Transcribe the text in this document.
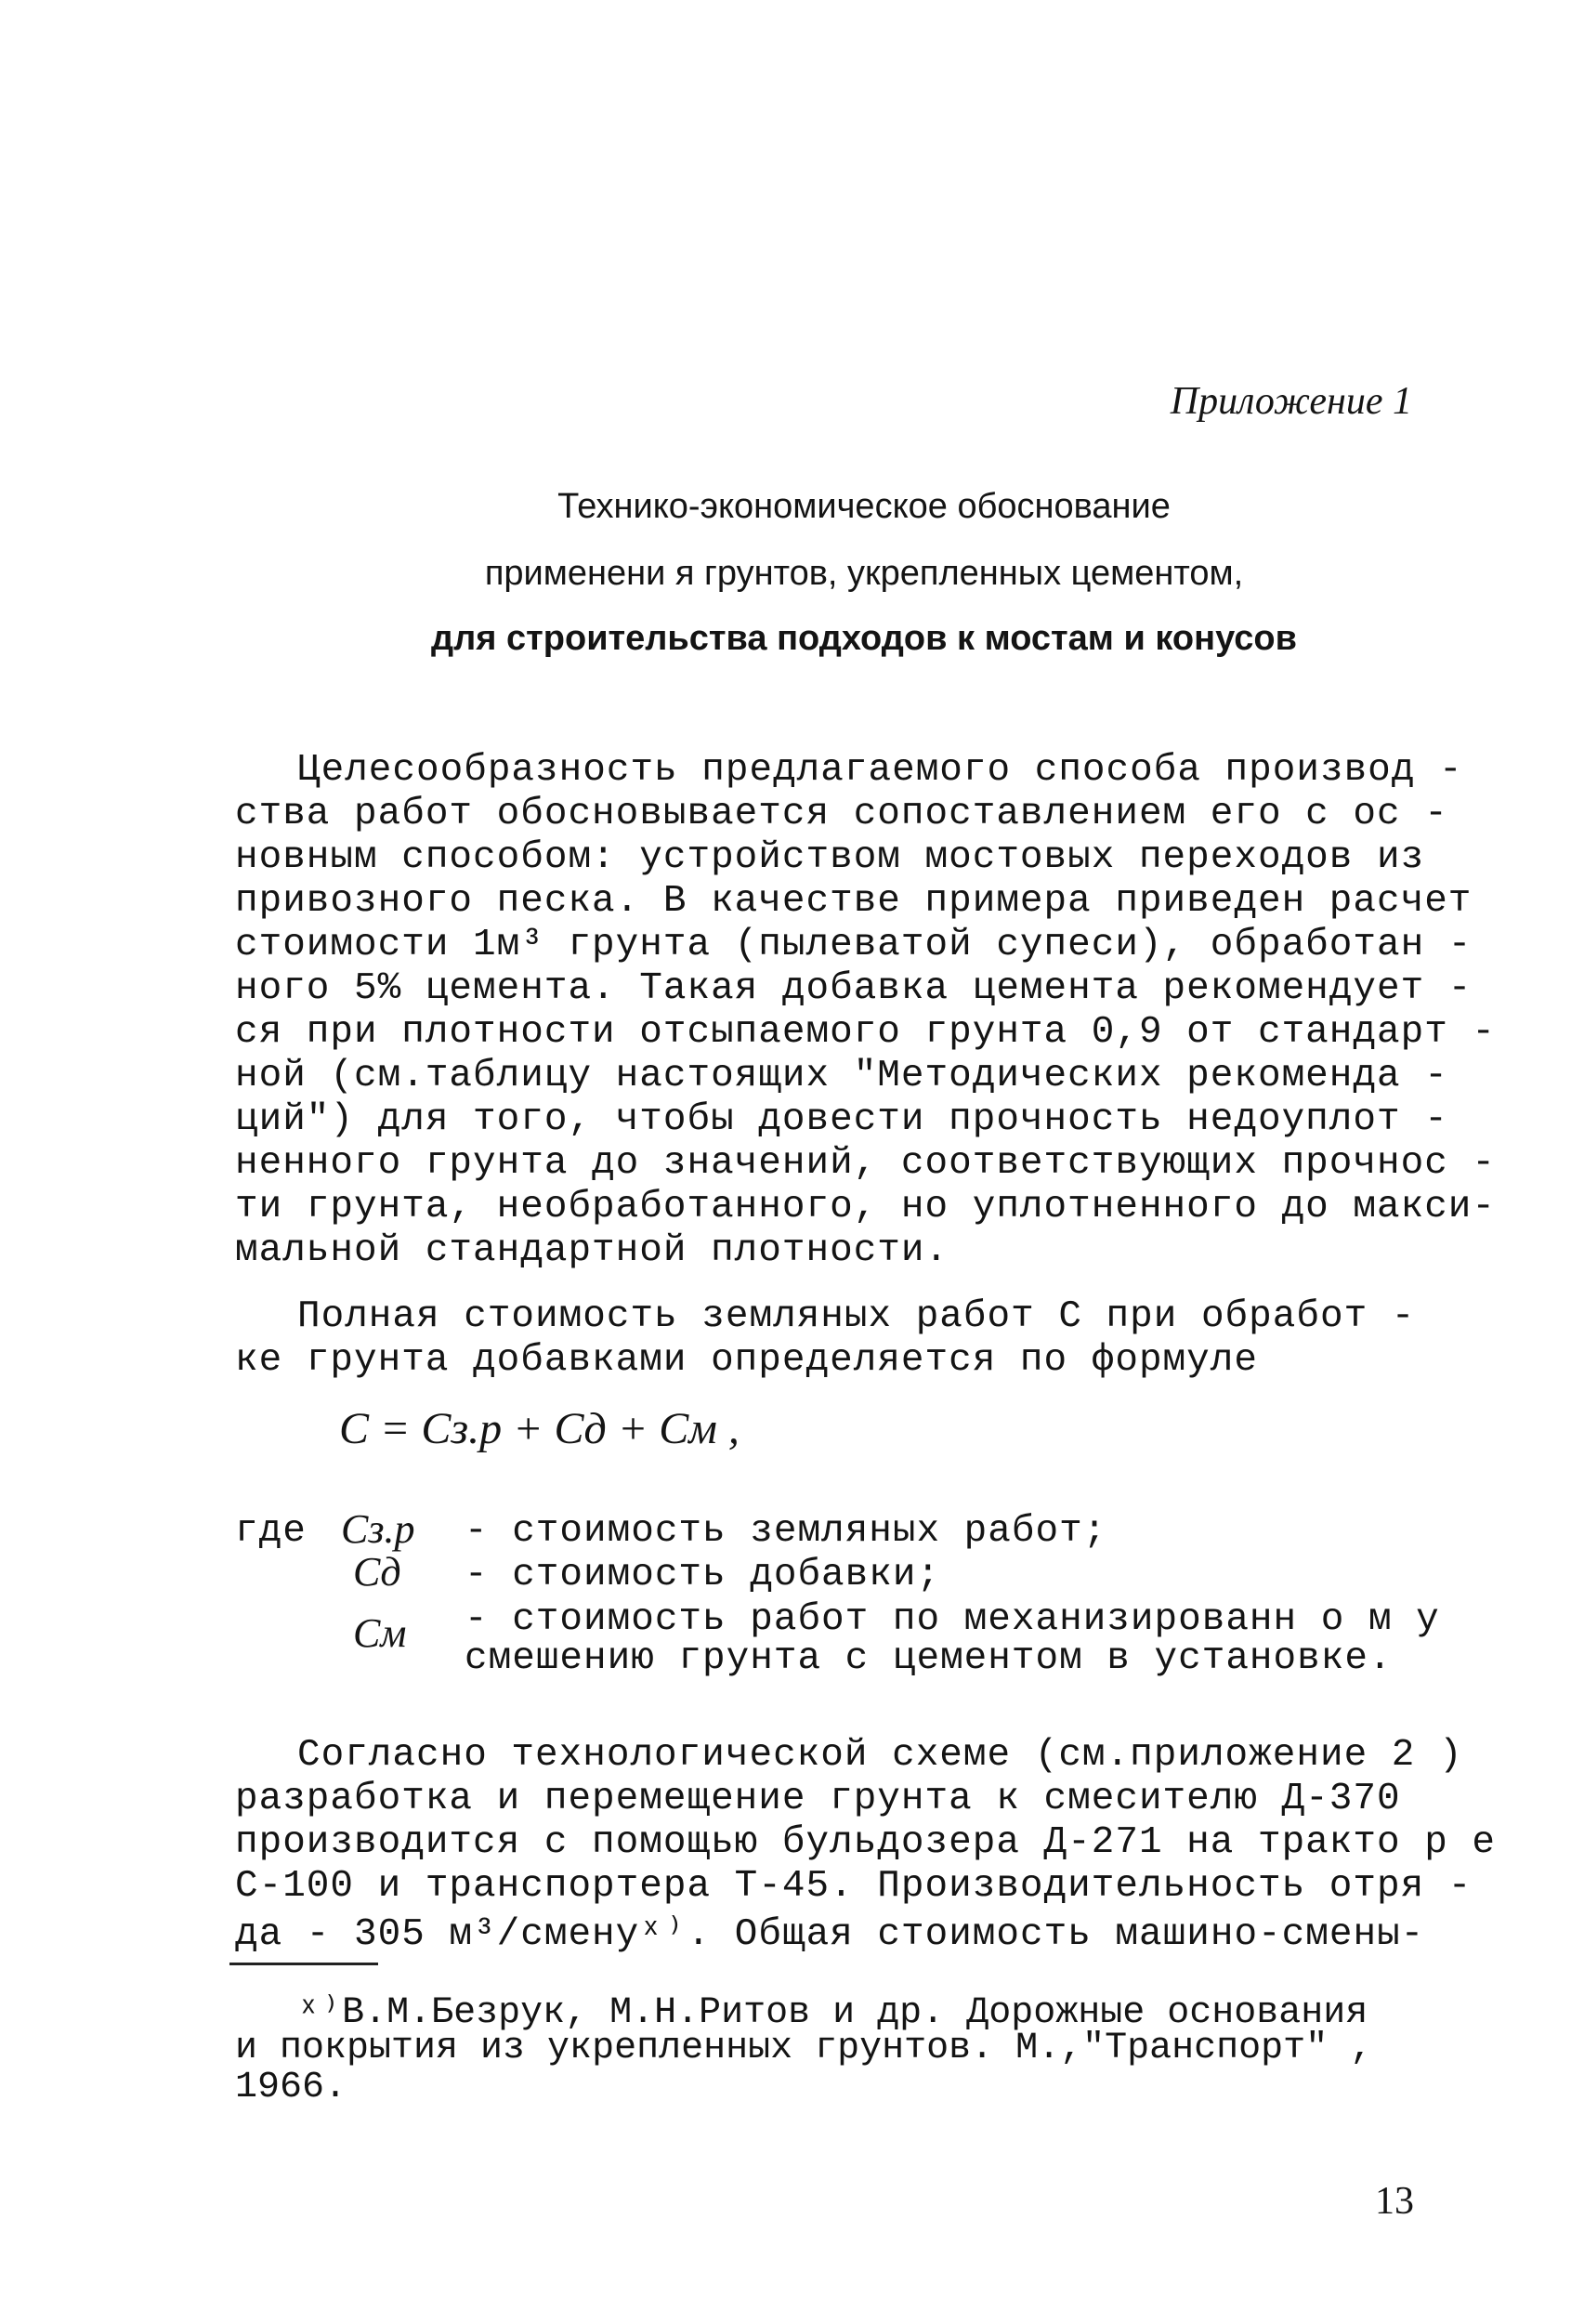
Приложение 1
Технико-экономическое обоснование
применени я грунтов, укрепленных цементом,
для строительства подходов к мостам и конусов
Целесообразность предлагаемого способа производ -
ства работ обосновывается сопоставлением его с ос -
новным способом: устройством мостовых переходов из
привозного песка. В качестве примера приведен расчет
стоимости 1м³ грунта (пылеватой супеси), обработан -
ного 5% цемента. Такая добавка цемента рекомендует -
ся при плотности отсыпаемого грунта 0,9 от стандарт -
ной (см.таблицу настоящих "Методических рекоменда -
ций") для того, чтобы довести прочность недоуплот -
ненного грунта до значений, соответствующих прочнос -
ти грунта, необработанного, но уплотненного до макси-
мальной стандартной плотности.
Полная стоимость земляных работ C при обработ -
ке грунта добавками определяется по формуле
C = Cз.р + Cд + Cм ,
где Cз.р - стоимость земляных работ;
Cд - стоимость добавки;
Cм - стоимость работ по механизированн о м у
смешению грунта с цементом в установке.
Согласно технологической схеме (см.приложение 2 )
разработка и перемещение грунта к смесителю Д-370
производится с помощью бульдозера Д-271 на тракто р е
С-100 и транспортера Т-45. Производительность отря -
да - 305 м³/сменуˣ⁾. Общая стоимость машино-смены-
ˣ⁾В.М.Безрук, М.Н.Ритов и др. Дорожные основания
и покрытия из укрепленных грунтов. М.,"Транспорт" ,
1966.
13
